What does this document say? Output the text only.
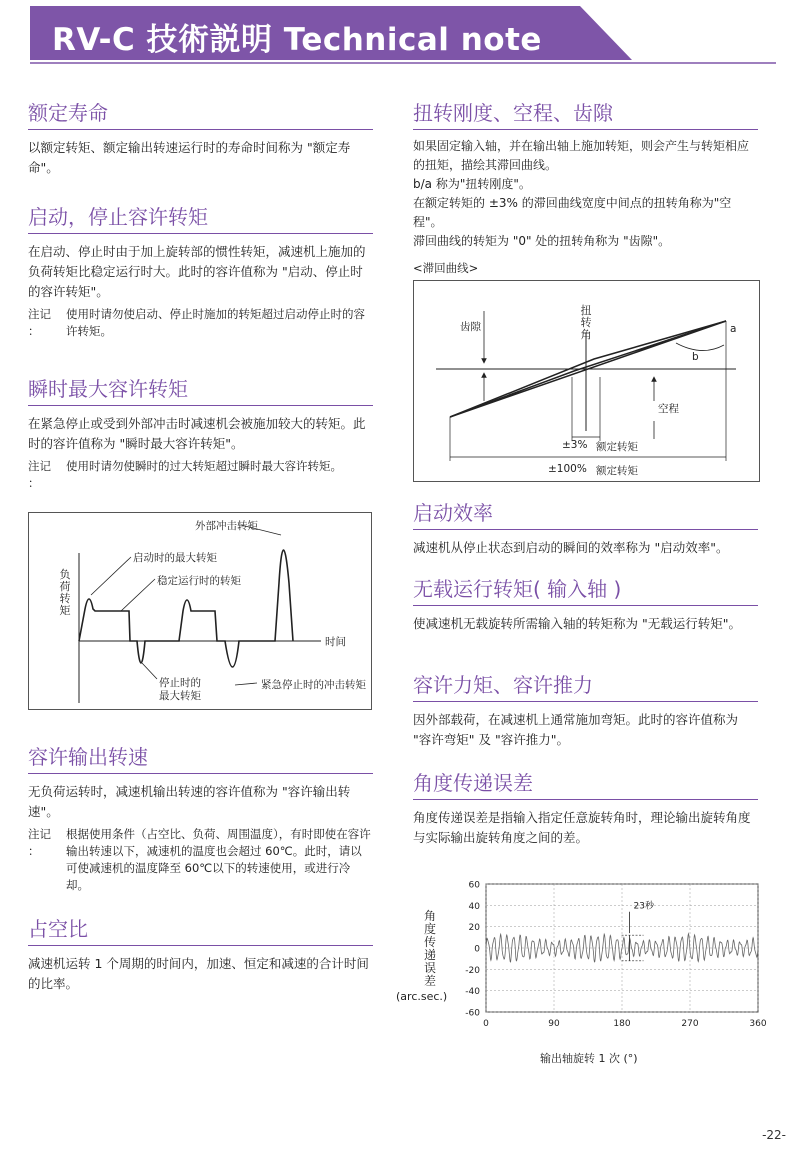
RV-C 技術説明 Technical note
额定寿命
以额定转矩、额定输出转速运行时的寿命时间称为 "额定寿命"。
启动，停止容许转矩
在启动、停止时由于加上旋转部的惯性转矩，减速机上施加的负荷转矩比稳定运行时大。此时的容许值称为 "启动、停止时的容许转矩"。
注记 ：
使用时请勿使启动、停止时施加的转矩超过启动停止时的容许转矩。
瞬时最大容许转矩
在紧急停止或受到外部冲击时减速机会被施加较大的转矩。此时的容许值称为 "瞬时最大容许转矩"。
注记 ：
使用时请勿使瞬时的过大转矩超过瞬时最大容许转矩。
负荷转矩
时间
外部冲击转矩
启动时的最大转矩
稳定运行时的转矩
停止时的
最大转矩
紧急停止时的冲击转矩
容许输出转速
无负荷运转时，减速机输出转速的容许值称为 "容许输出转速"。
注记 ：
根据使用条件（占空比、负荷、周围温度），有时即使在容许输出转速以下，减速机的温度也会超过 60℃。此时，请以可使减速机的温度降至 60℃以下的转速使用，或进行冷却。
占空比
减速机运转 1 个周期的时间内，加速、恒定和减速的合计时间的比率。
扭转刚度、空程、齿隙
如果固定输入轴，并在输出轴上施加转矩，则会产生与转矩相应的扭矩，描绘其滞回曲线。
b/a 称为"扭转刚度"。
在额定转矩的 ±3% 的滞回曲线宽度中间点的扭转角称为"空程"。
滞回曲线的转矩为 "0" 处的扭转角称为 "齿隙"。
<滞回曲线>
扭转角
齿隙	a
b
空程
±3% 额定转矩
±100% 额定转矩
启动效率
减速机从停止状态到启动的瞬间的效率称为 "启动效率"。
无载运行转矩( 输入轴 )
使减速机无载旋转所需输入轴的转矩称为 "无载运行转矩"。
容许力矩、容许推力
因外部载荷，在减速机上通常施加弯矩。此时的容许值称为 "容许弯矩" 及 "容许推力"。
角度传递误差
角度传递误差是指输入指定任意旋转角时，理论输出旋转角度与实际输出旋转角度之间的差。
60
40
20
0
-20
-40
-60
0	90	180	270	360
23秒
角度传递误差
(arc.sec.)
输出轴旋转 1 次 (°)
-22-
